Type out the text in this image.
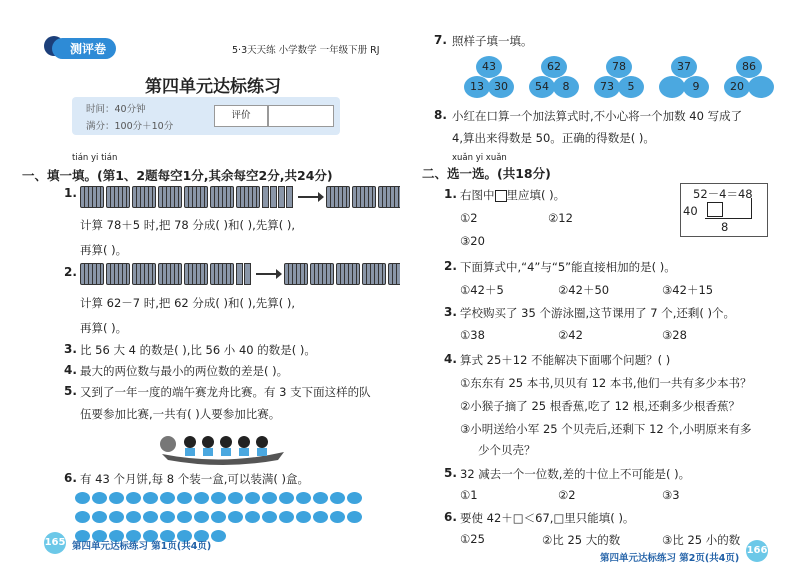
测评卷	5·3天天练 小学数学 一年级下册 RJ
第四单元达标练习
时间：40分钟
满分：100分＋10分
评价
tián yi tián
一、填一填。(第1、2题每空1分,其余每空2分,共24分)
1.
计算 78＋5 时,把 78 分成( )和( ),先算( ),
再算( )。
2.
计算 62－7 时,把 62 分成( )和( ),先算( ),
再算( )。
3. 比 56 大 4 的数是( ),比 56 小 40 的数是( )。
4. 最大的两位数与最小的两位数的差是( )。
5. 又到了一年一度的端午赛龙舟比赛。有 3 支下面这样的队
伍要参加比赛,一共有( )人要参加比赛。
6. 有 43 个月饼,每 8 个装一盒,可以装满( )盒。
165 第四单元达标练习 第1页(共4页)
7. 照样子填一填。
43
13 30
62
54	8
78
73	5
37
9
86
20
8. 小红在口算一个加法算式时,不小心将一个加数 40 写成了
4,算出来得数是 50。正确的得数是( )。
xuǎn yi xuǎn
二、选一选。(共18分)
1. 右图中 里应填( )。
①2	②12
③20
52－4＝48
40
8
2. 下面算式中,“4”与“5”能直接相加的是( )。
①42＋5	②42＋50	③42＋15
3. 学校购买了 35 个游泳圈,这节课用了 7 个,还剩( )个。
①38	②42	③28
4. 算式 25＋12 不能解决下面哪个问题？( )
①东东有 25 本书,贝贝有 12 本书,他们一共有多少本书？
②小猴子摘了 25 根香蕉,吃了 12 根,还剩多少根香蕉？
③小明送给小军 25 个贝壳后,还剩下 12 个,小明原来有多
少个贝壳？
5. 32 减去一个一位数,差的十位上不可能是( )。
①1	②2	③3
6. 要使 42＋□＜67,□里只能填( )。
①25	②比 25 大的数	③比 25 小的数
第四单元达标练习 第2页(共4页)
166
